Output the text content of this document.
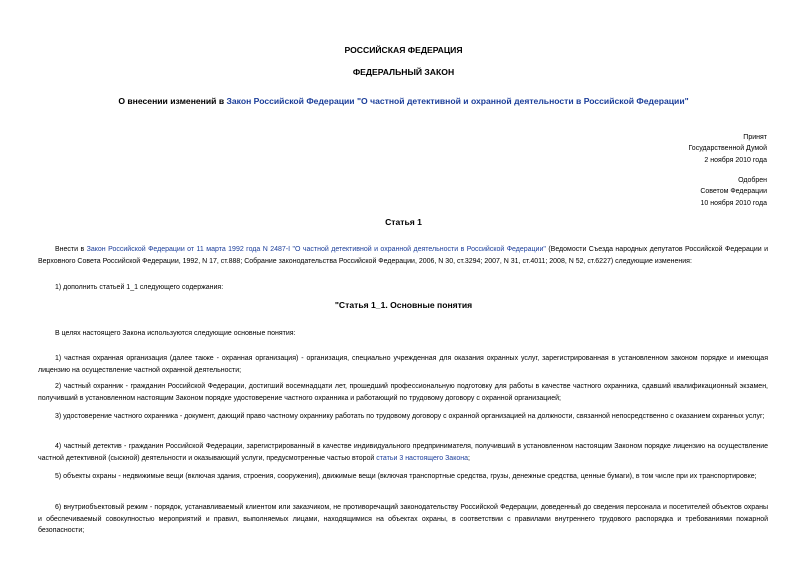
РОССИЙСКАЯ ФЕДЕРАЦИЯ
ФЕДЕРАЛЬНЫЙ ЗАКОН
О внесении изменений в Закон Российской Федерации "О частной детективной и охранной деятельности в Российской Федерации"
Принят
Государственной Думой
2 ноября 2010 года
Одобрен
Советом Федерации
10 ноября 2010 года
Статья 1
Внести в Закон Российской Федерации от 11 марта 1992 года N 2487-I "О частной детективной и охранной деятельности в Российской Федерации" (Ведомости Съезда народных депутатов Российской Федерации и Верховного Совета Российской Федерации, 1992, N 17, ст.888; Собрание законодательства Российской Федерации, 2006, N 30, ст.3294; 2007, N 31, ст.4011; 2008, N 52, ст.6227) следующие изменения:
1) дополнить статьей 1_1 следующего содержания:
"Статья 1_1. Основные понятия
В целях настоящего Закона используются следующие основные понятия:
1) частная охранная организация (далее также - охранная организация) - организация, специально учрежденная для оказания охранных услуг, зарегистрированная в установленном законом порядке и имеющая лицензию на осуществление частной охранной деятельности;
2) частный охранник - гражданин Российской Федерации, достигший восемнадцати лет, прошедший профессиональную подготовку для работы в качестве частного охранника, сдавший квалификационный экзамен, получивший в установленном настоящим Законом порядке удостоверение частного охранника и работающий по трудовому договору с охранной организацией;
3) удостоверение частного охранника - документ, дающий право частному охраннику работать по трудовому договору с охранной организацией на должности, связанной непосредственно с оказанием охранных услуг;
4) частный детектив - гражданин Российской Федерации, зарегистрированный в качестве индивидуального предпринимателя, получивший в установленном настоящим Законом порядке лицензию на осуществление частной детективной (сыскной) деятельности и оказывающий услуги, предусмотренные частью второй статьи 3 настоящего Закона;
5) объекты охраны - недвижимые вещи (включая здания, строения, сооружения), движимые вещи (включая транспортные средства, грузы, денежные средства, ценные бумаги), в том числе при их транспортировке;
6) внутриобъектовый режим - порядок, устанавливаемый клиентом или заказчиком, не противоречащий законодательству Российской Федерации, доведенный до сведения персонала и посетителей объектов охраны и обеспечиваемый совокупностью мероприятий и правил, выполняемых лицами, находящимися на объектах охраны, в соответствии с правилами внутреннего трудового распорядка и требованиями пожарной безопасности;
